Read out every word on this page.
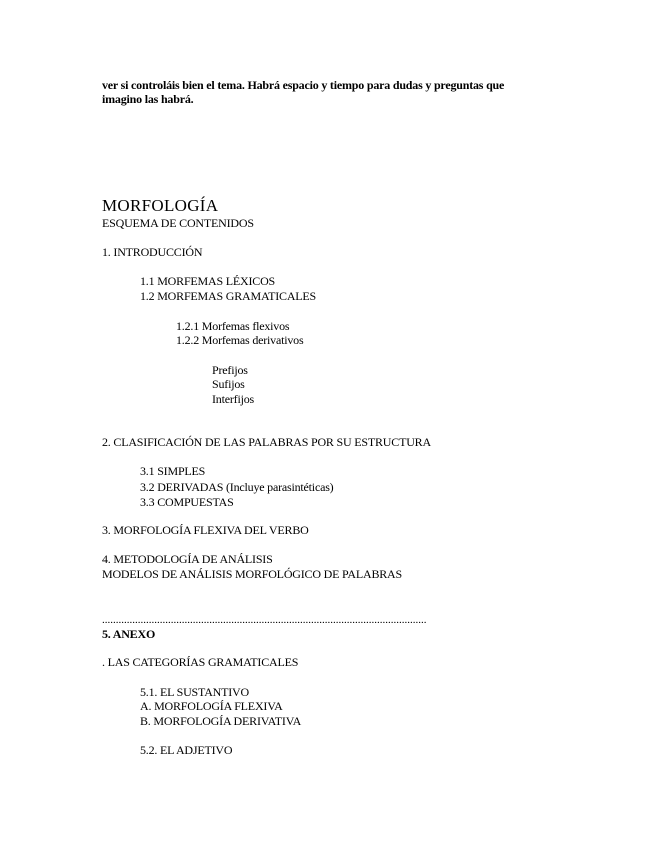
ver si controláis bien el tema. Habrá espacio y tiempo para dudas y preguntas que
imagino las habrá.
MORFOLOGÍA
ESQUEMA DE CONTENIDOS
1. INTRODUCCIÓN
1.1 MORFEMAS LÉXICOS
1.2 MORFEMAS GRAMATICALES
1.2.1 Morfemas flexivos
1.2.2 Morfemas derivativos
Prefijos
Sufijos
Interfijos
2. CLASIFICACIÓN DE LAS PALABRAS POR SU ESTRUCTURA
3.1 SIMPLES
3.2 DERIVADAS (Incluye parasintéticas)
3.3 COMPUESTAS
3. MORFOLOGÍA FLEXIVA DEL VERBO
4. METODOLOGÍA DE ANÁLISIS
MODELOS DE ANÁLISIS MORFOLÓGICO DE PALABRAS
......................................................................................................................
5. ANEXO
. LAS CATEGORÍAS GRAMATICALES
5.1. EL SUSTANTIVO
A. MORFOLOGÍA FLEXIVA
B. MORFOLOGÍA DERIVATIVA
5.2. EL ADJETIVO
